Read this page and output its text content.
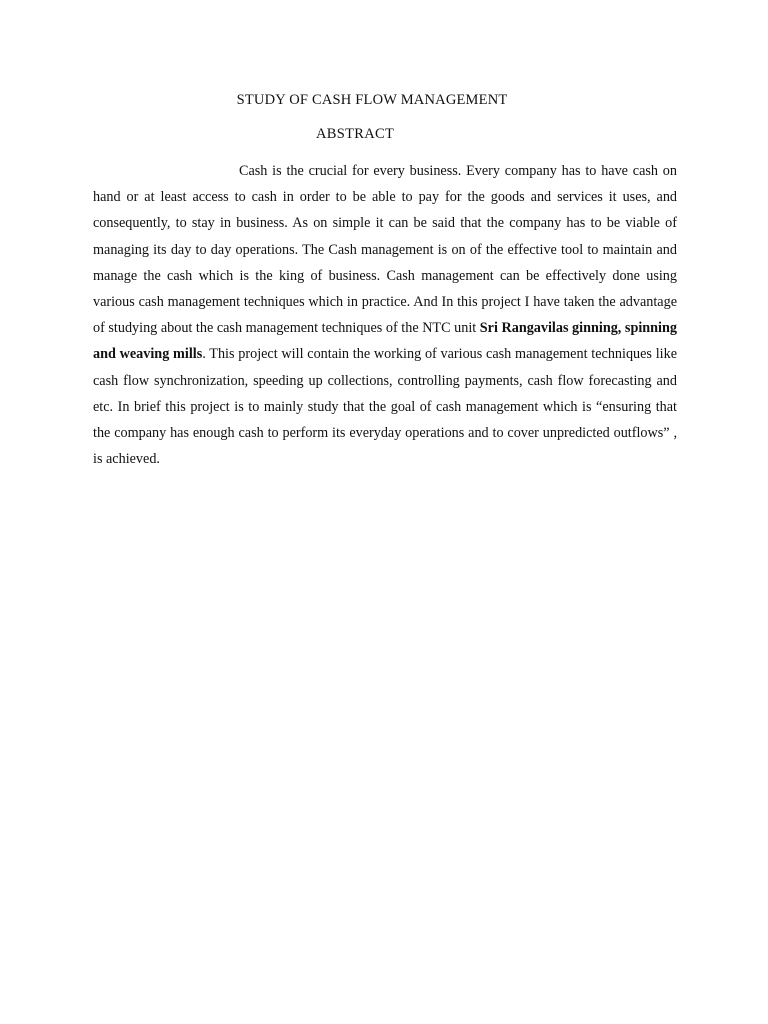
STUDY OF CASH FLOW MANAGEMENT
ABSTRACT

Cash is the crucial for every business. Every company has to have cash on hand or at least access to cash in order to be able to pay for the goods and services it uses, and consequently, to stay in business. As on simple it can be said that the company has to be viable of managing its day to day operations. The Cash management is on of the effective tool to maintain and manage the cash which is the king of business. Cash management can be effectively done using various cash management techniques which in practice. And In this project I have taken the advantage of studying about the cash management techniques of the NTC unit Sri Rangavilas ginning, spinning and weaving mills. This project will contain the working of various cash management techniques like cash flow synchronization, speeding up collections, controlling payments, cash flow forecasting and etc. In brief this project is to mainly study that the goal of cash management which is “ensuring that the company has enough cash to perform its everyday operations and to cover unpredicted outflows” , is achieved.
